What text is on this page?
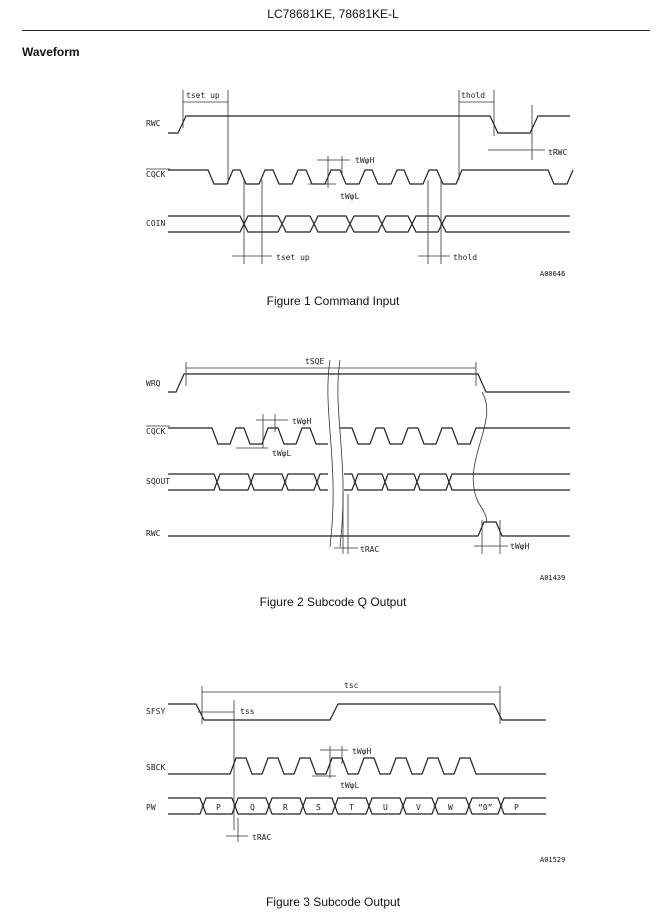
LC78681KE, 78681KE-L
Waveform
RWC
CQCK
COIN
tset up	thold
tRWC
tWφH
tWφL
tset up	thold
A00646
Figure 1 Command Input
WRQ
CQCK
SQOUT
RWC
tSQE
tWφH
tWφL
tRAC	tWφH
A01439
Figure 2 Subcode Q Output
SFSY
SBCK
PW	P	Q	R	S	T	U	V	W	“0”	P
tsc
tss
tWφH
tWφL
tRAC
A01529
Figure 3 Subcode Output
